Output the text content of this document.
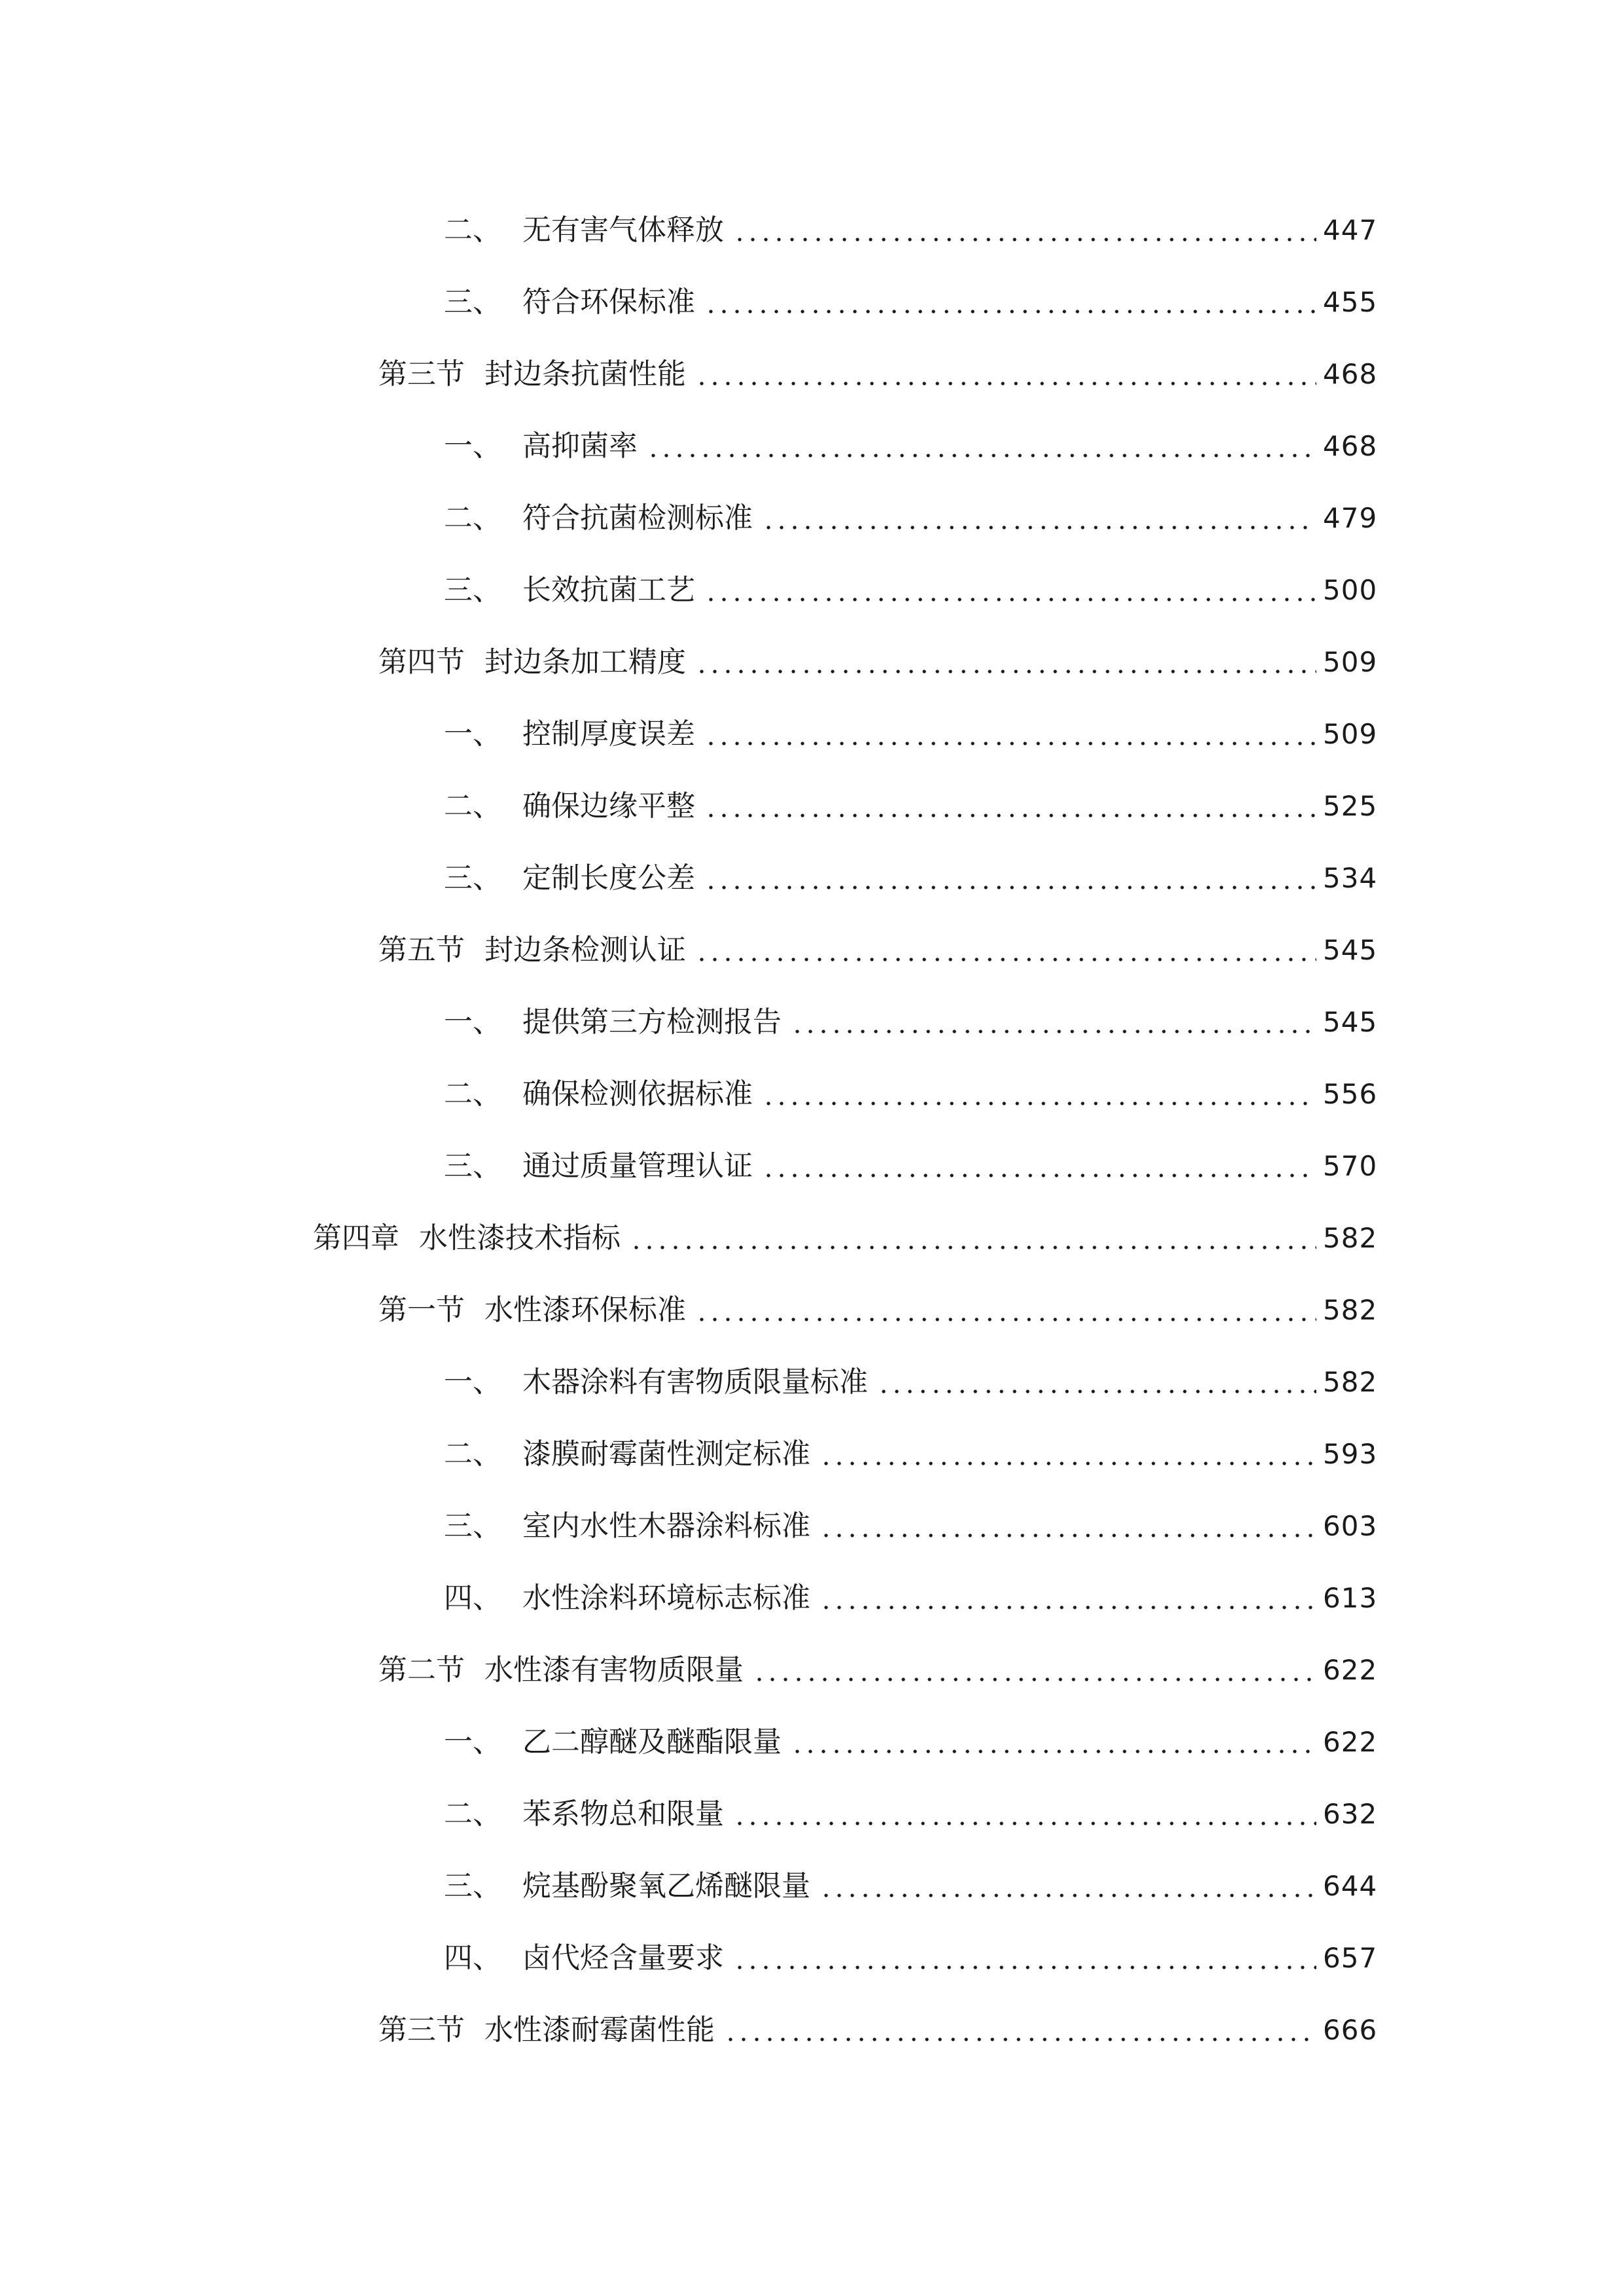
二、 无有害气体释放	447
三、 符合环保标准	455
第三节 封边条抗菌性能	468
一、 高抑菌率	468
二、 符合抗菌检测标准	479
三、 长效抗菌工艺	500
第四节 封边条加工精度	509
一、 控制厚度误差	509
二、 确保边缘平整	525
三、 定制长度公差	534
第五节 封边条检测认证	545
一、 提供第三方检测报告	545
二、 确保检测依据标准	556
三、 通过质量管理认证	570
第四章 水性漆技术指标	582
第一节 水性漆环保标准	582
一、 木器涂料有害物质限量标准	582
二、 漆膜耐霉菌性测定标准	593
三、 室内水性木器涂料标准	603
四、 水性涂料环境标志标准	613
第二节 水性漆有害物质限量	622
一、 乙二醇醚及醚酯限量	622
二、 苯系物总和限量	632
三、 烷基酚聚氧乙烯醚限量	644
四、 卤代烃含量要求	657
第三节 水性漆耐霉菌性能	666
